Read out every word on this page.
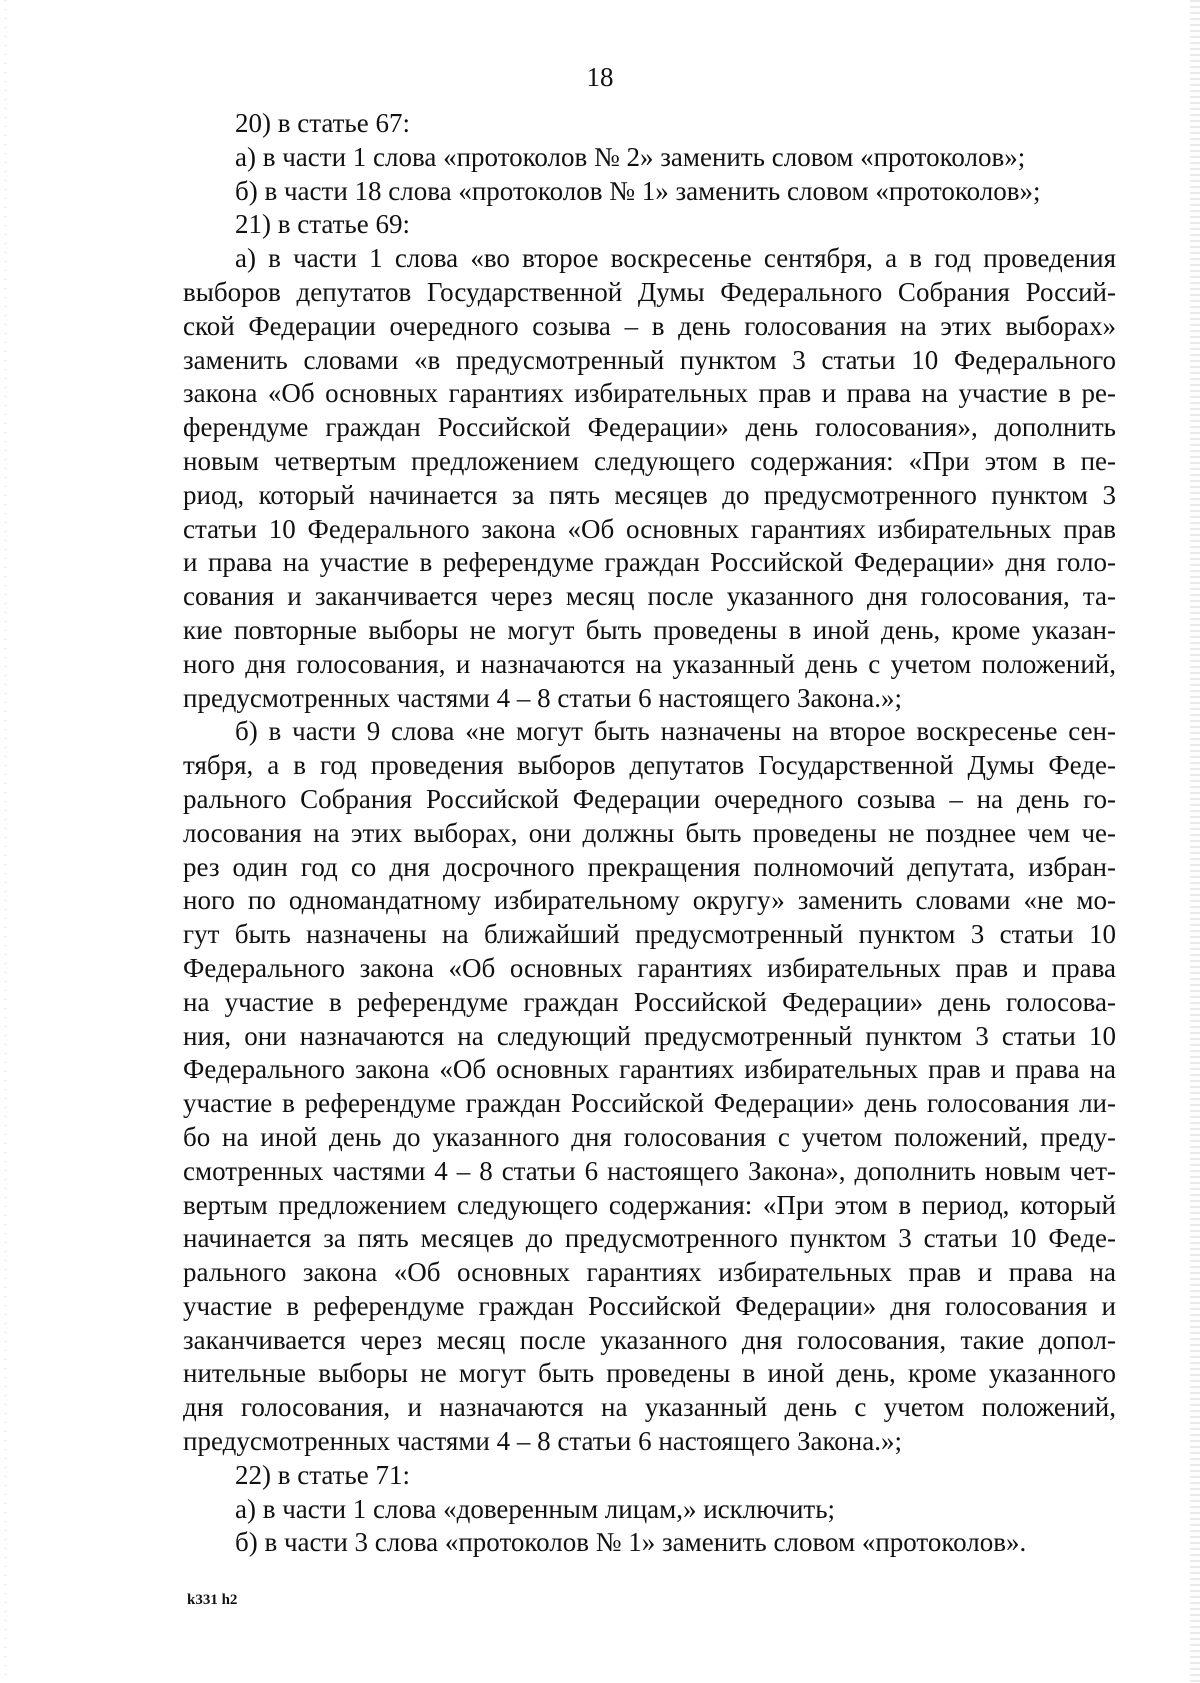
18
20) в статье 67:
а) в части 1 слова «протоколов № 2» заменить словом «протоколов»;
б) в части 18 слова «протоколов № 1» заменить словом «протоколов»;
21) в статье 69:
а) в части 1 слова «во второе воскресенье сентября, а в год проведения
выборов депутатов Государственной Думы Федерального Собрания Россий-
ской Федерации очередного созыва – в день голосования на этих выборах»
заменить словами «в предусмотренный пунктом 3 статьи 10 Федерального
закона «Об основных гарантиях избирательных прав и права на участие в ре-
ферендуме граждан Российской Федерации» день голосования», дополнить
новым четвертым предложением следующего содержания: «При этом в пе-
риод, который начинается за пять месяцев до предусмотренного пунктом 3
статьи 10 Федерального закона «Об основных гарантиях избирательных прав
и права на участие в референдуме граждан Российской Федерации» дня голо-
сования и заканчивается через месяц после указанного дня голосования, та-
кие повторные выборы не могут быть проведены в иной день, кроме указан-
ного дня голосования, и назначаются на указанный день с учетом положений,
предусмотренных частями 4 – 8 статьи 6 настоящего Закона.»;
б) в части 9 слова «не могут быть назначены на второе воскресенье сен-
тября, а в год проведения выборов депутатов Государственной Думы Феде-
рального Собрания Российской Федерации очередного созыва – на день го-
лосования на этих выборах, они должны быть проведены не позднее чем че-
рез один год со дня досрочного прекращения полномочий депутата, избран-
ного по одномандатному избирательному округу» заменить словами «не мо-
гут быть назначены на ближайший предусмотренный пунктом 3 статьи 10
Федерального закона «Об основных гарантиях избирательных прав и права
на участие в референдуме граждан Российской Федерации» день голосова-
ния, они назначаются на следующий предусмотренный пунктом 3 статьи 10
Федерального закона «Об основных гарантиях избирательных прав и права на
участие в референдуме граждан Российской Федерации» день голосования ли-
бо на иной день до указанного дня голосования с учетом положений, преду-
смотренных частями 4 – 8 статьи 6 настоящего Закона», дополнить новым чет-
вертым предложением следующего содержания: «При этом в период, который
начинается за пять месяцев до предусмотренного пунктом 3 статьи 10 Феде-
рального закона «Об основных гарантиях избирательных прав и права на
участие в референдуме граждан Российской Федерации» дня голосования и
заканчивается через месяц после указанного дня голосования, такие допол-
нительные выборы не могут быть проведены в иной день, кроме указанного
дня голосования, и назначаются на указанный день с учетом положений,
предусмотренных частями 4 – 8 статьи 6 настоящего Закона.»;
22) в статье 71:
а) в части 1 слова «доверенным лицам,» исключить;
б) в части 3 слова «протоколов № 1» заменить словом «протоколов».
k331 h2
